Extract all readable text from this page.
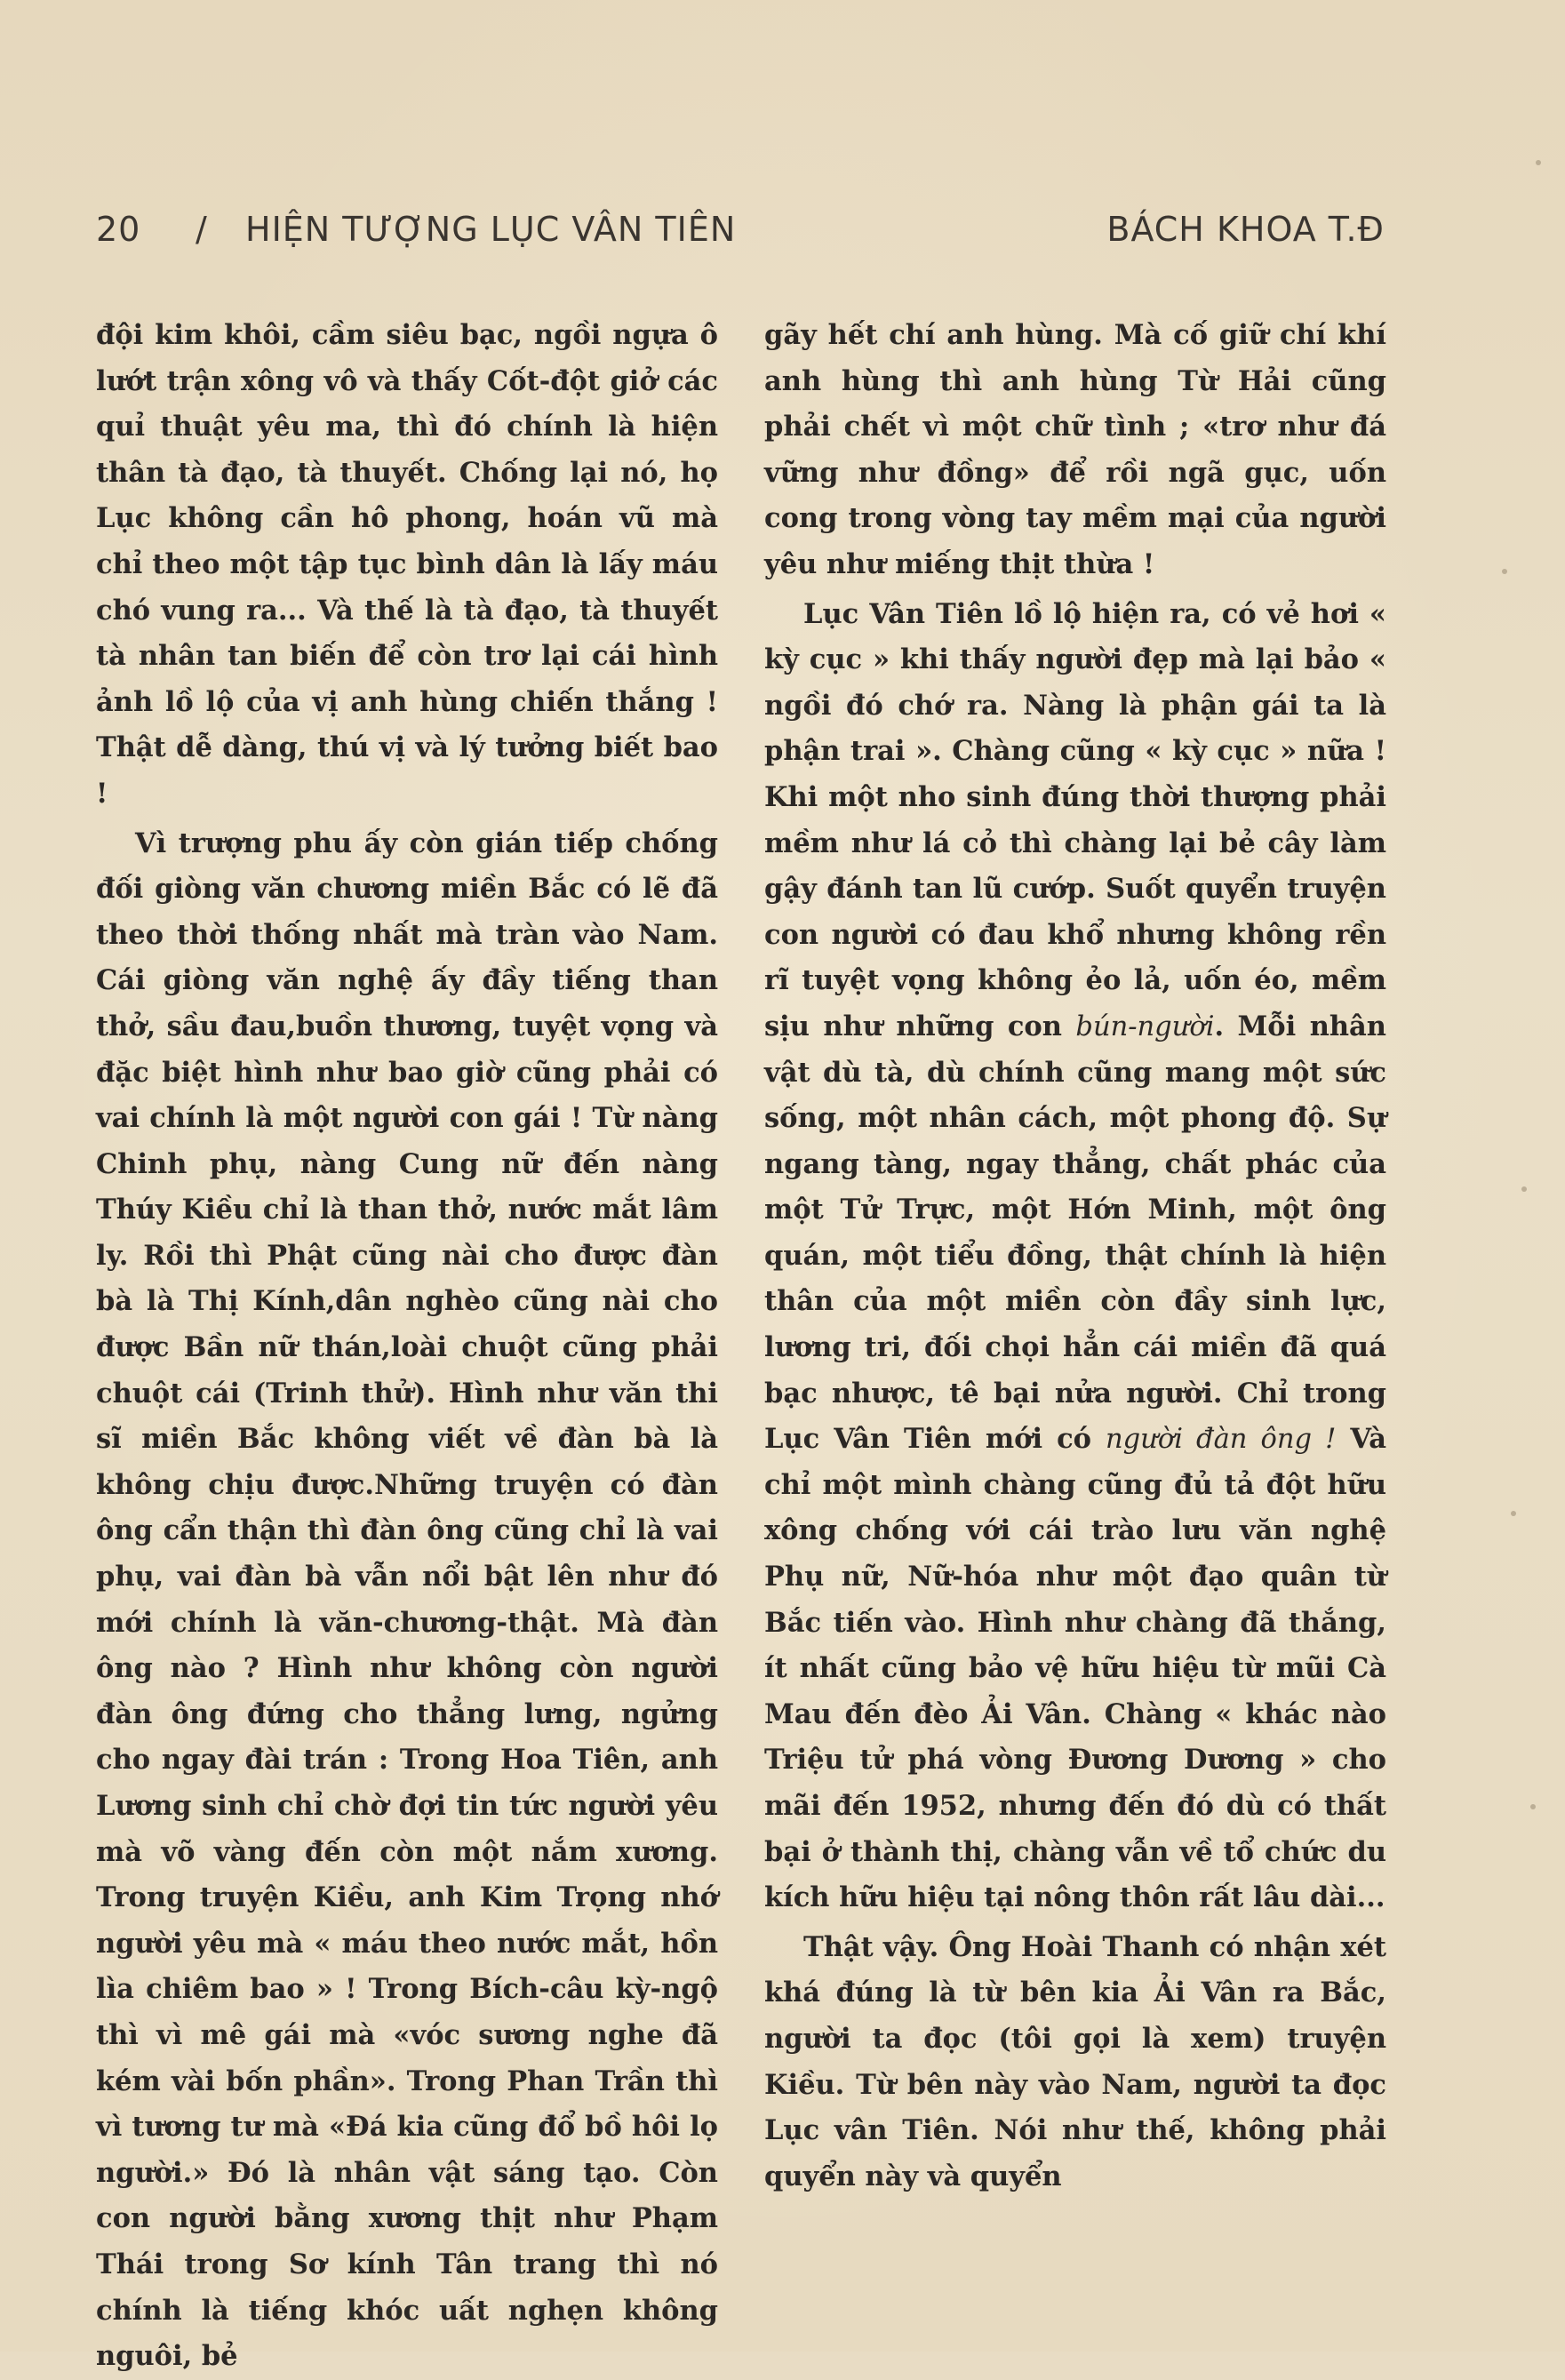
20 / HIỆN TƯỢNG LỤC VÂN TIÊN	BÁCH KHOA T.Đ

đội kim khôi, cầm siêu bạc, ngồi ngựa ô lướt trận xông vô và thấy Cốt-đột giở các quỉ thuật yêu ma, thì đó chính là hiện thân tà đạo, tà thuyết. Chống lại nó, họ Lục không cần hô phong, hoán vũ mà chỉ theo một tập tục bình dân là lấy máu chó vung ra... Và thế là tà đạo, tà thuyết tà nhân tan biến để còn trơ lại cái hình ảnh lồ lộ của vị anh hùng chiến thắng ! Thật dễ dàng, thú vị và lý tưởng biết bao !

Vì trượng phu ấy còn gián tiếp chống đối giòng văn chương miền Bắc có lẽ đã theo thời thống nhất mà tràn vào Nam. Cái giòng văn nghệ ấy đầy tiếng than thở, sầu đau,buồn thương, tuyệt vọng và đặc biệt hình như bao giờ cũng phải có vai chính là một người con gái ! Từ nàng Chinh phụ, nàng Cung nữ đến nàng Thúy Kiều chỉ là than thở, nước mắt lâm ly. Rồi thì Phật cũng nài cho được đàn bà là Thị Kính,dân nghèo cũng nài cho được Bần nữ thán,loài chuột cũng phải chuột cái (Trinh thử). Hình như văn thi sĩ miền Bắc không viết về đàn bà là không chịu được.Những truyện có đàn ông cẩn thận thì đàn ông cũng chỉ là vai phụ, vai đàn bà vẫn nổi bật lên như đó mới chính là văn-chương-thật. Mà đàn ông nào ? Hình như không còn người đàn ông đứng cho thẳng lưng, ngửng cho ngay đài trán : Trong Hoa Tiên, anh Lương sinh chỉ chờ đợi tin tức người yêu mà võ vàng đến còn một nắm xương. Trong truyện Kiều, anh Kim Trọng nhớ người yêu mà « máu theo nước mắt, hồn lìa chiêm bao » ! Trong Bích-câu kỳ-ngộ thì vì mê gái mà «vóc sương nghe đã kém vài bốn phần». Trong Phan Trần thì vì tương tư mà «Đá kia cũng đổ bồ hôi lọ người.» Đó là nhân vật sáng tạo. Còn con người bằng xương thịt như Phạm Thái trong Sơ kính Tân trang thì nó chính là tiếng khóc uất nghẹn không nguôi, bẻ

gãy hết chí anh hùng. Mà cố giữ chí khí anh hùng thì anh hùng Từ Hải cũng phải chết vì một chữ tình ; «trơ như đá vững như đồng» để rồi ngã gục, uốn cong trong vòng tay mềm mại của người yêu như miếng thịt thừa !

Lục Vân Tiên lồ lộ hiện ra, có vẻ hơi « kỳ cục » khi thấy người đẹp mà lại bảo « ngồi đó chớ ra. Nàng là phận gái ta là phận trai ». Chàng cũng « kỳ cục » nữa ! Khi một nho sinh đúng thời thượng phải mềm như lá cỏ thì chàng lại bẻ cây làm gậy đánh tan lũ cướp. Suốt quyển truyện con người có đau khổ nhưng không rền rĩ tuyệt vọng không ẻo lả, uốn éo, mềm sịu như những con bún-người. Mỗi nhân vật dù tà, dù chính cũng mang một sức sống, một nhân cách, một phong độ. Sự ngang tàng, ngay thẳng, chất phác của một Tử Trực, một Hớn Minh, một ông quán, một tiểu đồng, thật chính là hiện thân của một miền còn đầy sinh lực, lương tri, đối chọi hẳn cái miền đã quá bạc nhược, tê bại nửa người. Chỉ trong Lục Vân Tiên mới có người đàn ông ! Và chỉ một mình chàng cũng đủ tả đột hữu xông chống với cái trào lưu văn nghệ Phụ nữ, Nữ-hóa như một đạo quân từ Bắc tiến vào. Hình như chàng đã thắng, ít nhất cũng bảo vệ hữu hiệu từ mũi Cà Mau đến đèo Ải Vân. Chàng « khác nào Triệu tử phá vòng Đương Dương » cho mãi đến 1952, nhưng đến đó dù có thất bại ở thành thị, chàng vẫn về tổ chức du kích hữu hiệu tại nông thôn rất lâu dài...

Thật vậy. Ông Hoài Thanh có nhận xét khá đúng là từ bên kia Ải Vân ra Bắc, người ta đọc (tôi gọi là xem) truyện Kiều. Từ bên này vào Nam, người ta đọc Lục vân Tiên. Nói như thế, không phải quyển này và quyển
